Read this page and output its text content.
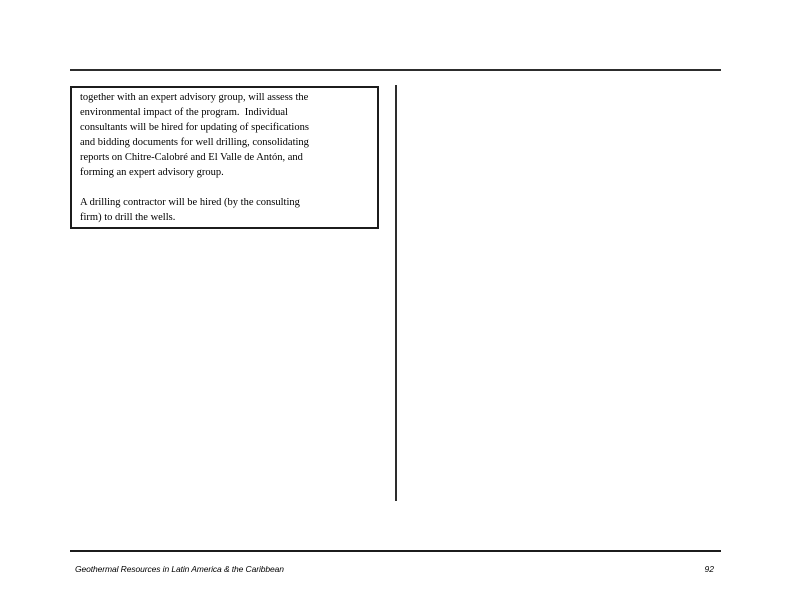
together with an expert advisory group, will assess the
environmental impact of the program.  Individual
consultants will be hired for updating of specifications
and bidding documents for well drilling, consolidating
reports on Chitre-Calobré and El Valle de Antón, and
forming an expert advisory group.
A drilling contractor will be hired (by the consulting
firm) to drill the wells.
Geothermal Resources in Latin America & the Caribbean	92
